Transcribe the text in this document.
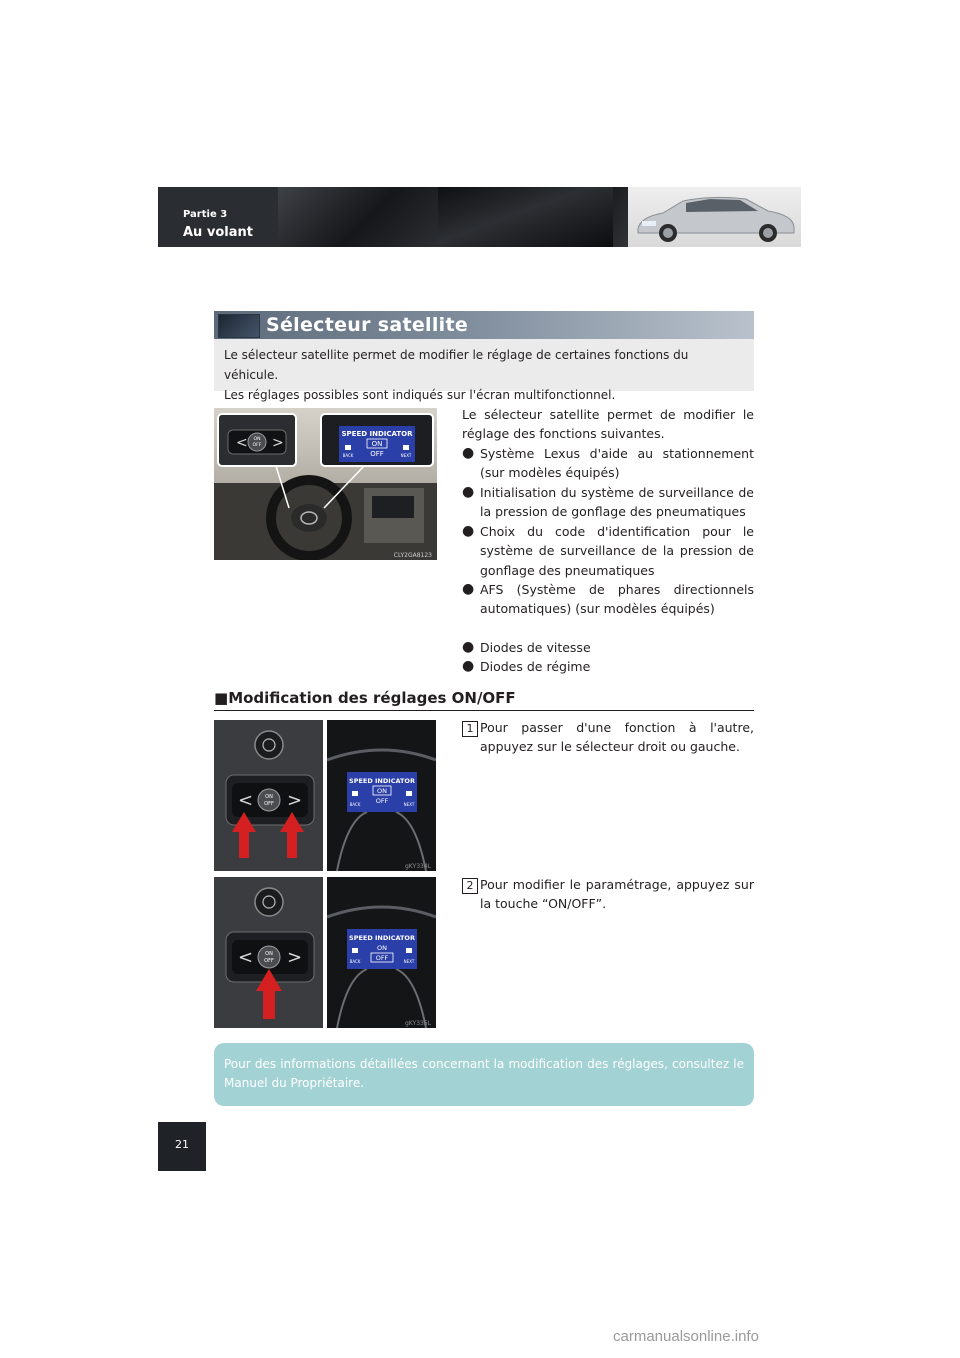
Partie 3
Au volant
Sélecteur satellite
Le sélecteur satellite permet de modifier le réglage de certaines fonctions du véhicule.
Les réglages possibles sont indiqués sur l'écran multifonctionnel.
< >
ON
OFF
SPEED INDICATOR
ON
OFF
BACK	NEXT
CLY2GA8123
Le sélecteur satellite permet de modifier le réglage des fonctions suivantes.
● Système Lexus d'aide au stationnement (sur modèles équipés)
● Initialisation du système de surveillance de la pression de gonflage des pneumatiques
● Choix du code d'identification pour le système de surveillance de la pression de gonflage des pneumatiques
● AFS (Système de phares directionnels automatiques) (sur modèles équipés)
● Diodes de vitesse
● Diodes de régime
■Modification des réglages ON/OFF
< >
ON
OFF
SPEED INDICATOR
ON
OFF
BACK	NEXT
gKY334L
1 Pour passer d'une fonction à l'autre, appuyez sur le sélecteur droit ou gauche.
< >
ON
OFF
SPEED INDICATOR
ON
OFF
BACK	NEXT
gKY335L
2 Pour modifier le paramétrage, appuyez sur la touche “ON/OFF”.
Pour des informations détaillées concernant la modification des réglages, consultez le Manuel du Propriétaire.
21
carmanualsonline.info
